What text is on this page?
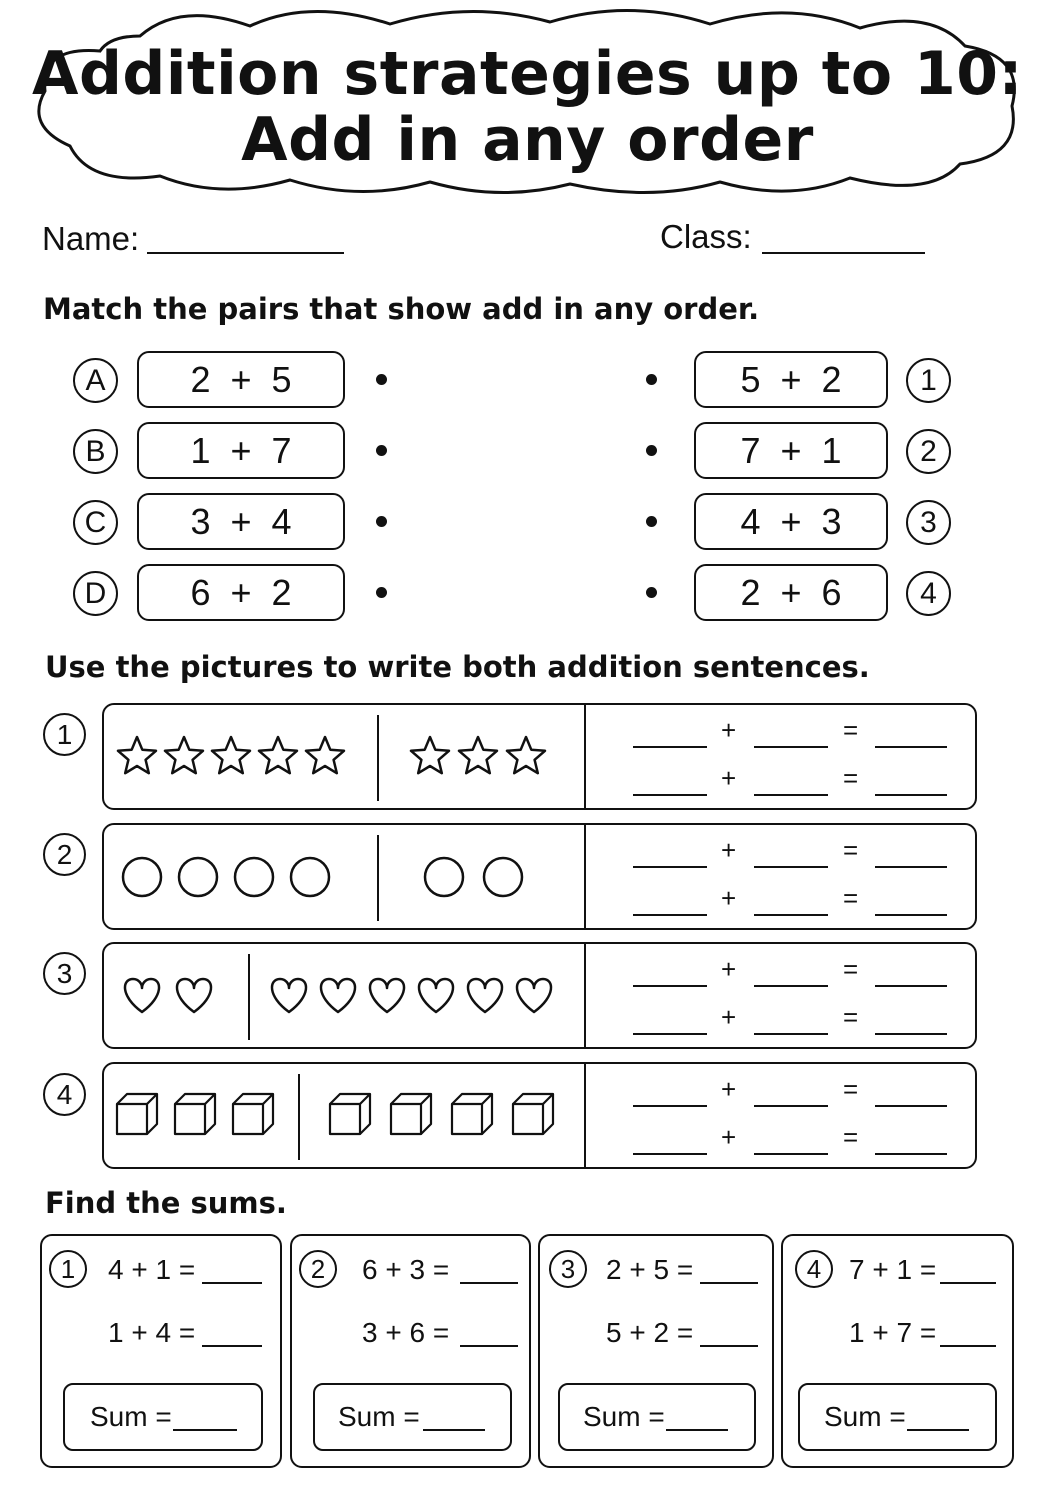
Addition strategies up to 10:
Add in any order
Name:	Class:
Match the pairs that show add in any order.
A	2 + 5
B	1 + 7
C	3 + 4
D	6 + 2
5 + 2	1
7 + 1	2
4 + 3	3
2 + 6	4
Use the pictures to write both addition sentences.
1
2
3
4
+	=
+	=
+	=
+	=
+	=
+	=
+	=
+	=
Find the sums.
1	4 + 1 =
1 + 4 =
Sum =
2	6 + 3 =
3 + 6 =
Sum =
3	2 + 5 =
5 + 2 =
Sum =
4 7 + 1 =
1 + 7 =
Sum =
